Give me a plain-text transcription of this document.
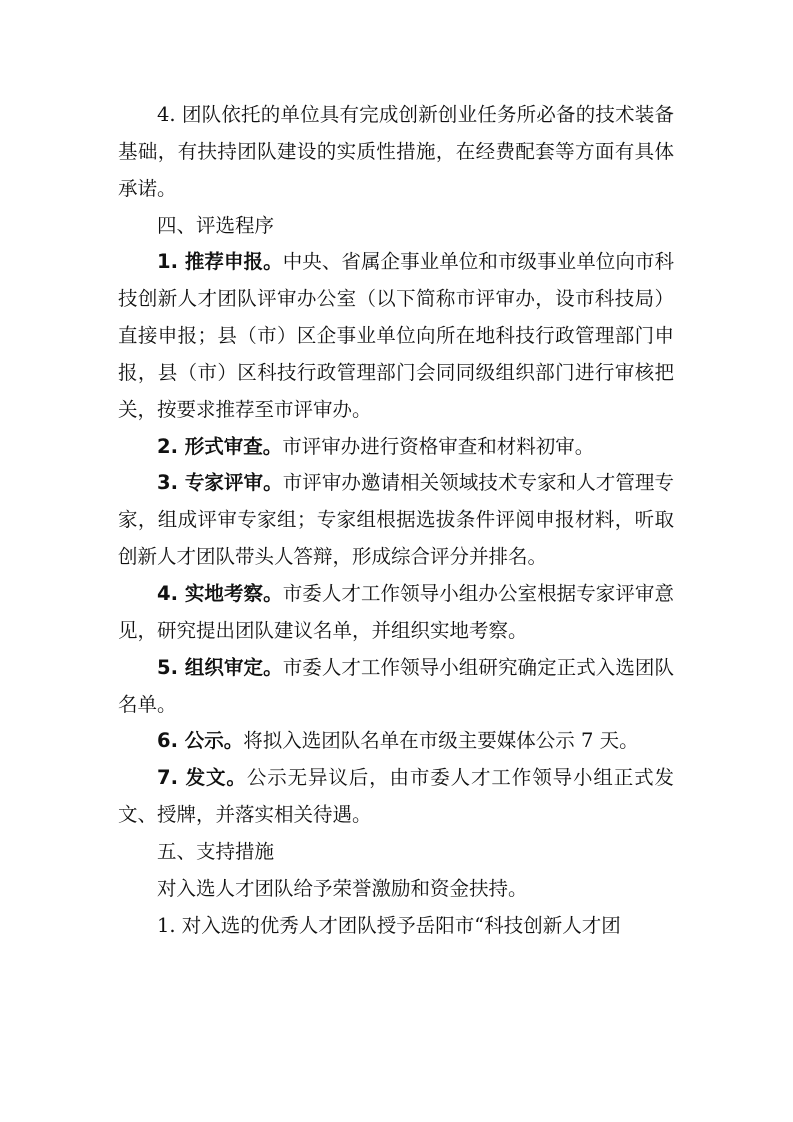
4. 团队依托的单位具有完成创新创业任务所必备的技术装备基础，有扶持团队建设的实质性措施，在经费配套等方面有具体承诺。

四、评选程序

1. 推荐申报。中央、省属企事业单位和市级事业单位向市科技创新人才团队评审办公室（以下简称市评审办，设市科技局）直接申报；县（市）区企事业单位向所在地科技行政管理部门申报，县（市）区科技行政管理部门会同同级组织部门进行审核把关，按要求推荐至市评审办。

2. 形式审查。市评审办进行资格审查和材料初审。

3. 专家评审。市评审办邀请相关领域技术专家和人才管理专家，组成评审专家组；专家组根据选拔条件评阅申报材料，听取创新人才团队带头人答辩，形成综合评分并排名。

4. 实地考察。市委人才工作领导小组办公室根据专家评审意见，研究提出团队建议名单，并组织实地考察。

5. 组织审定。市委人才工作领导小组研究确定正式入选团队名单。

6. 公示。将拟入选团队名单在市级主要媒体公示 7 天。

7. 发文。公示无异议后，由市委人才工作领导小组正式发文、授牌，并落实相关待遇。

五、支持措施

对入选人才团队给予荣誉激励和资金扶持。

1. 对入选的优秀人才团队授予岳阳市“科技创新人才团
